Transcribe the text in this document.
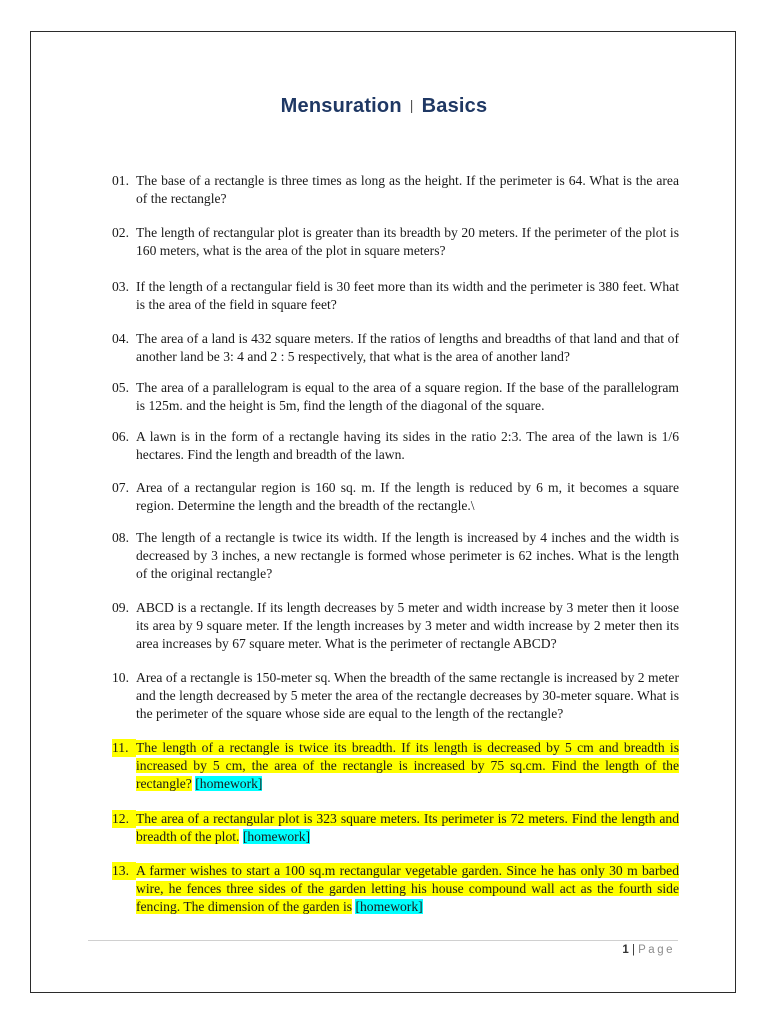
Mensuration | Basics
01. The base of a rectangle is three times as long as the height. If the perimeter is 64. What is the area of the rectangle?
02. The length of rectangular plot is greater than its breadth by 20 meters. If the perimeter of the plot is 160 meters, what is the area of the plot in square meters?
03. If the length of a rectangular field is 30 feet more than its width and the perimeter is 380 feet. What is the area of the field in square feet?
04. The area of a land is 432 square meters. If the ratios of lengths and breadths of that land and that of another land be 3: 4 and 2 : 5 respectively, that what is the area of another land?
05. The area of a parallelogram is equal to the area of a square region. If the base of the parallelogram is 125m. and the height is 5m, find the length of the diagonal of the square.
06. A lawn is in the form of a rectangle having its sides in the ratio 2:3. The area of the lawn is 1/6 hectares. Find the length and breadth of the lawn.
07. Area of a rectangular region is 160 sq. m. If the length is reduced by 6 m, it becomes a square region. Determine the length and the breadth of the rectangle.\
08. The length of a rectangle is twice its width. If the length is increased by 4 inches and the width is decreased by 3 inches, a new rectangle is formed whose perimeter is 62 inches. What is the length of the original rectangle?
09. ABCD is a rectangle. If its length decreases by 5 meter and width increase by 3 meter then it loose its area by 9 square meter. If the length increases by 3 meter and width increase by 2 meter then its area increases by 67 square meter. What is the perimeter of rectangle ABCD?
10. Area of a rectangle is 150-meter sq. When the breadth of the same rectangle is increased by 2 meter and the length decreased by 5 meter the area of the rectangle decreases by 30-meter square. What is the perimeter of the square whose side are equal to the length of the rectangle?
11. The length of a rectangle is twice its breadth. If its length is decreased by 5 cm and breadth is increased by 5 cm, the area of the rectangle is increased by 75 sq.cm. Find the length of the rectangle? [homework]
12. The area of a rectangular plot is 323 square meters. Its perimeter is 72 meters. Find the length and breadth of the plot. [homework]
13. A farmer wishes to start a 100 sq.m rectangular vegetable garden. Since he has only 30 m barbed wire, he fences three sides of the garden letting his house compound wall act as the fourth side fencing. The dimension of the garden is [homework]
1 | Page
